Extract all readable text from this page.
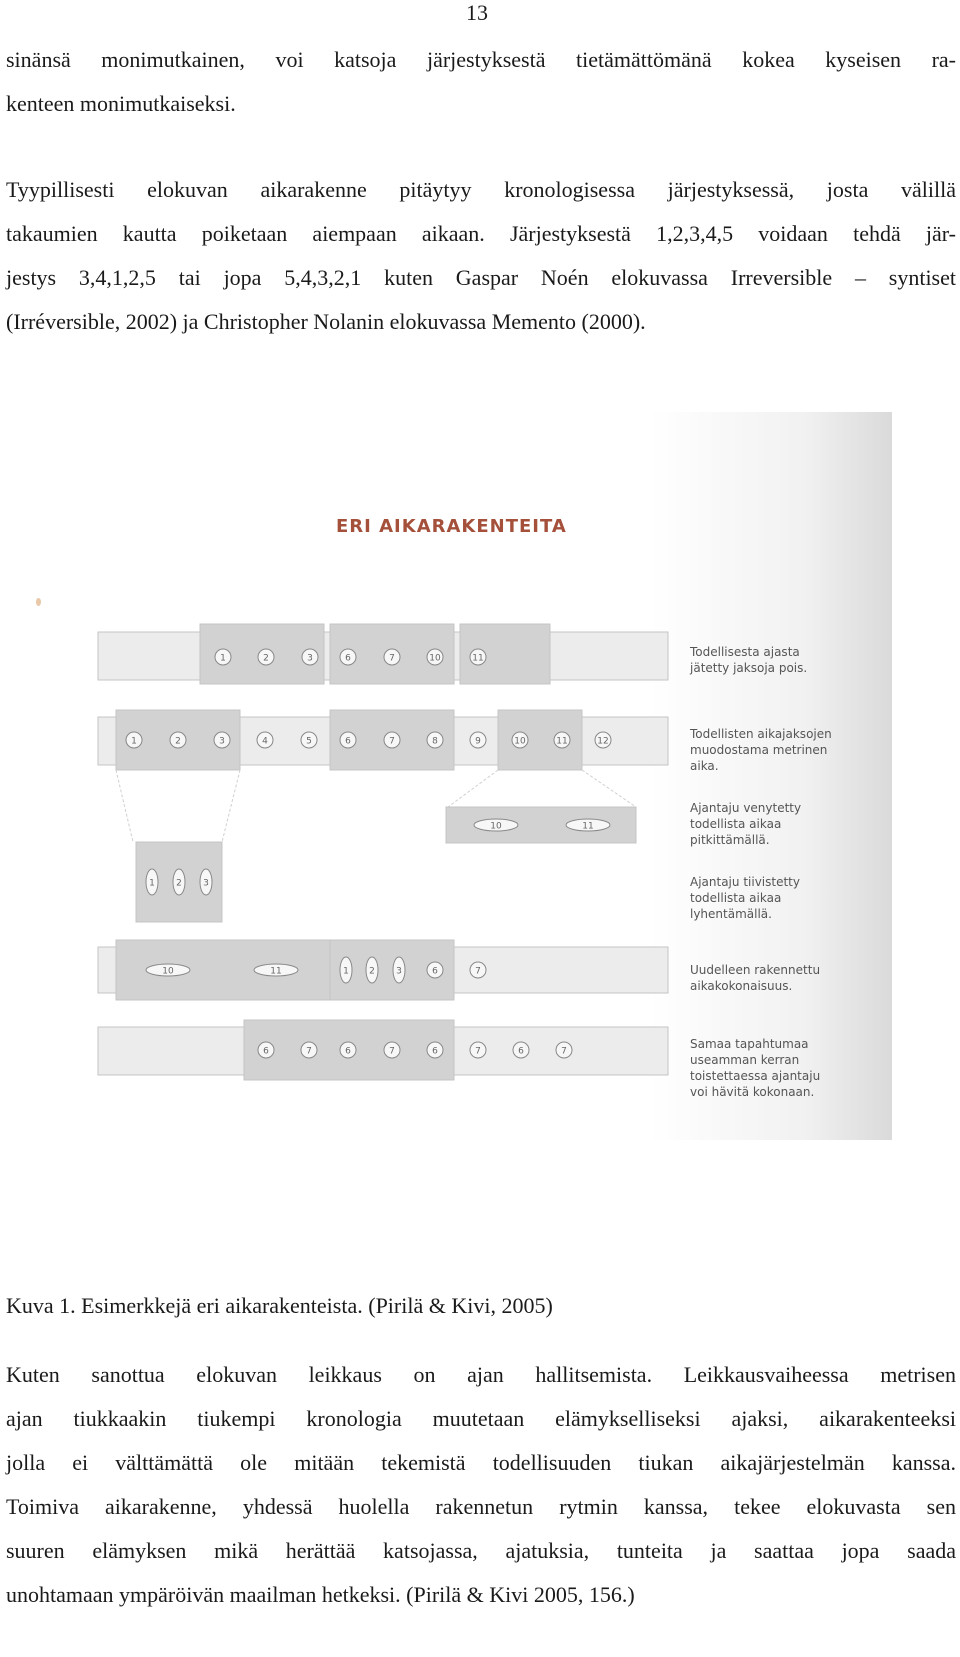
13
sinänsä monimutkainen, voi katsoja järjestyksestä tietämättömänä kokea kyseisen ra-
kenteen monimutkaiseksi.
Tyypillisesti elokuvan aikarakenne pitäytyy kronologisessa järjestyksessä, josta välillä
takaumien kautta poiketaan aiempaan aikaan. Järjestyksestä 1,2,3,4,5 voidaan tehdä jär-
jestys 3,4,1,2,5 tai jopa 5,4,3,2,1 kuten Gaspar Noén elokuvassa Irreversible – syntiset
(Irréversible, 2002) ja Christopher Nolanin elokuvassa Memento (2000).
ERI AIKARAKENTEITA
1	2	3	6	7	10	11
1	2	3	4	5	6	7	8	9	10	11	12
10	11
1 2 3
10	11	1 2 3	6	7
6	7	6	7	6	7	6	7
Todellisesta ajasta
jätetty jaksoja pois.
Todellisten aikajaksojen
muodostama metrinen
aika.
Ajantaju venytetty
todellista aikaa
pitkittämällä.
Ajantaju tiivistetty
todellista aikaa
lyhentämällä.
Uudelleen rakennettu
aikakokonaisuus.
Samaa tapahtumaa
useamman kerran
toistettaessa ajantaju
voi hävitä kokonaan.
Kuva 1. Esimerkkejä eri aikarakenteista. (Pirilä & Kivi, 2005)
Kuten sanottua elokuvan leikkaus on ajan hallitsemista. Leikkausvaiheessa metrisen
ajan tiukkaakin tiukempi kronologia muutetaan elämykselliseksi ajaksi, aikarakenteeksi
jolla ei välttämättä ole mitään tekemistä todellisuuden tiukan aikajärjestelmän kanssa.
Toimiva aikarakenne, yhdessä huolella rakennetun rytmin kanssa, tekee elokuvasta sen
suuren elämyksen mikä herättää katsojassa, ajatuksia, tunteita ja saattaa jopa saada
unohtamaan ympäröivän maailman hetkeksi. (Pirilä & Kivi 2005, 156.)
